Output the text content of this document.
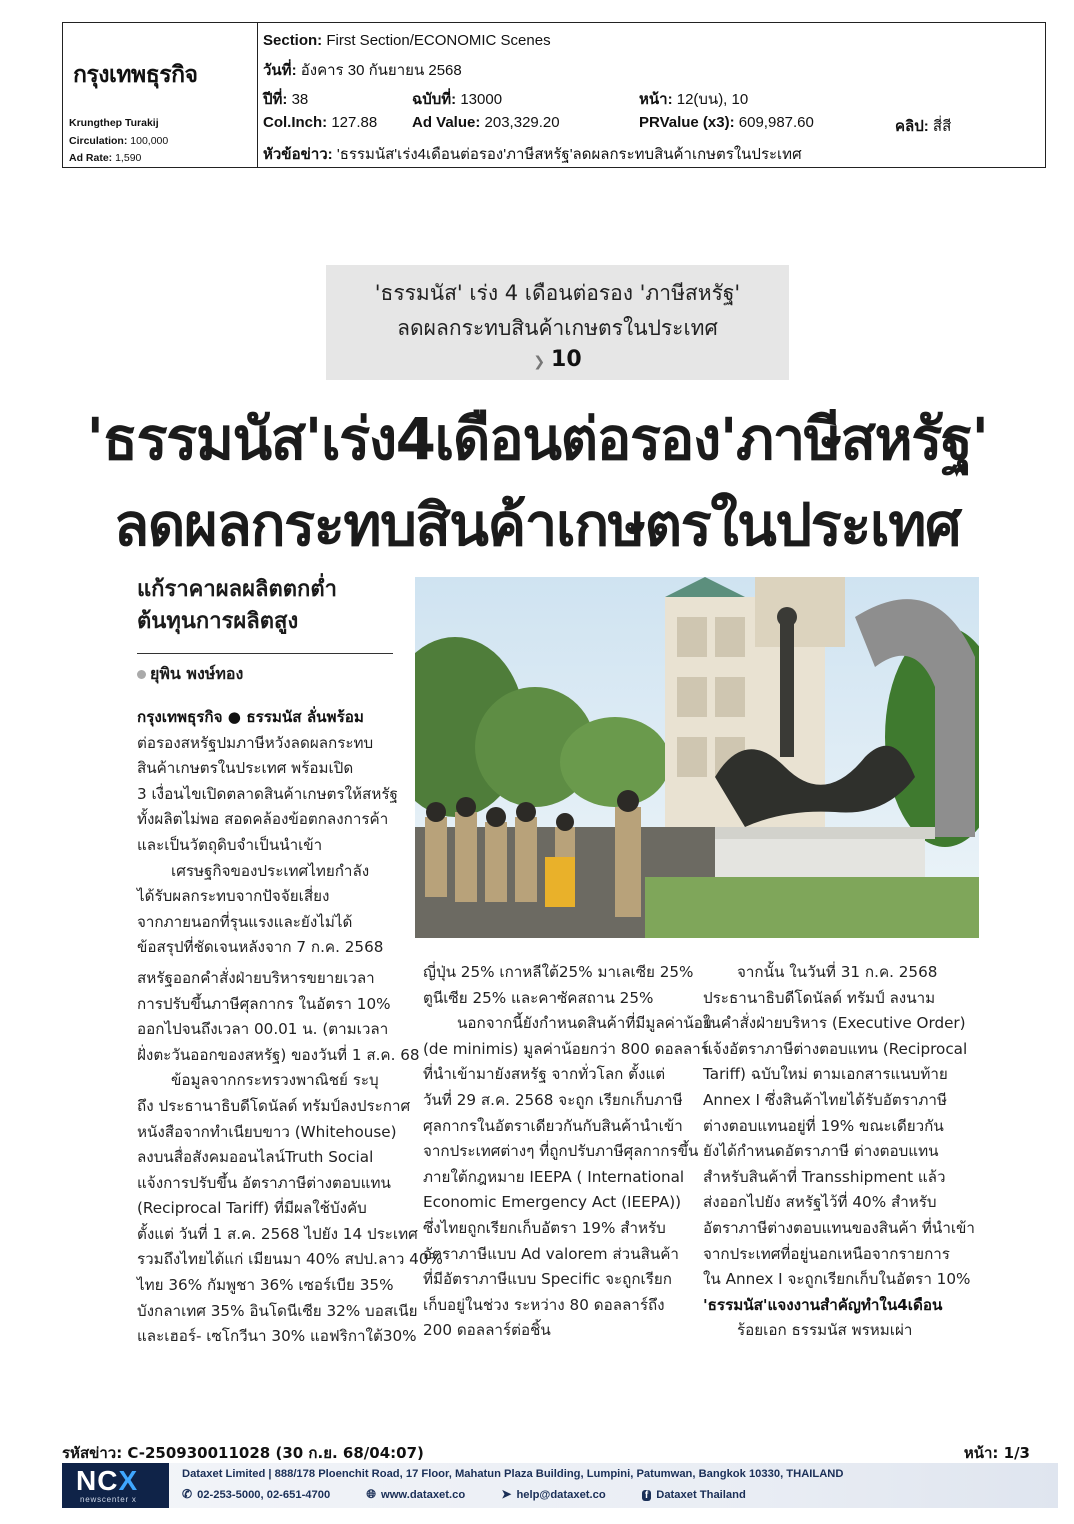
กรุงเทพธุรกิจ
Krungthep Turakij
Circulation: 100,000
Ad Rate: 1,590
Section: First Section/ECONOMIC Scenes
วันที่: อังคาร 30 กันยายน 2568
ปีที่: 38	ฉบับที่: 13000	หน้า: 12(บน), 10
Col.Inch: 127.88 Ad Value: 203,329.20	PRValue (x3): 609,987.60	คลิป: สี่สี
หัวข้อข่าว: 'ธรรมนัส'เร่ง4เดือนต่อรอง'ภาษีสหรัฐ'ลดผลกระทบสินค้าเกษตรในประเทศ
'ธรรมนัส' เร่ง 4 เดือนต่อรอง 'ภาษีสหรัฐ'
ลดผลกระทบสินค้าเกษตรในประเทศ
❯ 10
'ธรรมนัส'เร่ง4เดือนต่อรอง'ภาษีสหรัฐ'
ลดผลกระทบสินค้าเกษตรในประเทศ
แก้ราคาผลผลิตตกต่ำ
ต้นทุนการผลิตสูง
ยุพิน พงษ์ทอง

กรุงเทพธุรกิจ ● ธรรมนัส ลั่นพร้อม

ต่อรองสหรัฐปมภาษีหวังลดผลกระทบ

สินค้าเกษตรในประเทศ พร้อมเปิด

3 เงื่อนไขเปิดตลาดสินค้าเกษตรให้สหรัฐ

ทั้งผลิตไม่พอ สอดคล้องข้อตกลงการค้า

และเป็นวัตถุดิบจำเป็นนำเข้า

เศรษฐกิจของประเทศไทยกำลัง

ได้รับผลกระทบจากปัจจัยเสี่ยง

จากภายนอกที่รุนแรงและยังไม่ได้

ข้อสรุปที่ชัดเจนหลังจาก 7 ก.ค. 2568

สหรัฐออกคำสั่งฝ่ายบริหารขยายเวลา

การปรับขึ้นภาษีศุลกากร ในอัตรา 10%

ออกไปจนถึงเวลา 00.01 น. (ตามเวลา

ฝั่งตะวันออกของสหรัฐ) ของวันที่ 1 ส.ค. 68

ข้อมูลจากกระทรวงพาณิชย์ ระบุ

ถึง ประธานาธิบดีโดนัลด์ ทรัมป์ลงประกาศ

หนังสือจากทำเนียบขาว (Whitehouse)

ลงบนสื่อสังคมออนไลน์Truth Social

แจ้งการปรับขึ้น อัตราภาษีต่างตอบแทน

(Reciprocal Tariff) ที่มีผลใช้บังคับ

ตั้งแต่ วันที่ 1 ส.ค. 2568 ไปยัง 14 ประเทศ

รวมถึงไทยได้แก่ เมียนมา 40% สปป.ลาว 40%

ไทย 36% กัมพูชา 36% เซอร์เบีย 35%

บังกลาเทศ 35% อินโดนีเซีย 32% บอสเนีย

และเฮอร์- เซโกวีนา 30% แอฟริกาใต้30%

ญี่ปุ่น 25% เกาหลีใต้25% มาเลเซีย 25%

ตูนีเซีย 25% และคาซัคสถาน 25%

นอกจากนี้ยังกำหนดสินค้าที่มีมูลค่าน้อย

(de minimis) มูลค่าน้อยกว่า 800 ดอลลาร์

ที่นำเข้ามายังสหรัฐ จากทั่วโลก ตั้งแต่

วันที่ 29 ส.ค. 2568 จะถูก เรียกเก็บภาษี

ศุลกากรในอัตราเดียวกันกับสินค้านำเข้า

จากประเทศต่างๆ ที่ถูกปรับภาษีศุลกากรขึ้น

ภายใต้กฎหมาย IEEPA ( International

Economic Emergency Act (IEEPA))

ซึ่งไทยถูกเรียกเก็บอัตรา 19% สำหรับ

อัตราภาษีแบบ Ad valorem ส่วนสินค้า

ที่มีอัตราภาษีแบบ Specific จะถูกเรียก

เก็บอยู่ในช่วง ระหว่าง 80 ดอลลาร์ถึง

200 ดอลลาร์ต่อชิ้น

จากนั้น ในวันที่ 31 ก.ค. 2568

ประธานาธิบดีโดนัลด์ ทรัมป์ ลงนาม

ในคำสั่งฝ่ายบริหาร (Executive Order)

แจ้งอัตราภาษีต่างตอบแทน (Reciprocal

Tariff) ฉบับใหม่ ตามเอกสารแนบท้าย

Annex I ซึ่งสินค้าไทยได้รับอัตราภาษี

ต่างตอบแทนอยู่ที่ 19% ขณะเดียวกัน

ยังได้กำหนดอัตราภาษี ต่างตอบแทน

สำหรับสินค้าที่ Transshipment แล้ว

ส่งออกไปยัง สหรัฐไว้ที่ 40% สำหรับ

อัตราภาษีต่างตอบแทนของสินค้า ที่นำเข้า

จากประเทศที่อยู่นอกเหนือจากรายการ

ใน Annex I จะถูกเรียกเก็บในอัตรา 10%

'ธรรมนัส'แจงงานสำคัญทำใน4เดือน

ร้อยเอก ธรรมนัส พรหมเผ่า

รหัสข่าว: C-250930011028 (30 ก.ย. 68/04:07)	หน้า: 1/3
NCX
newscenter x
Dataxet Limited | 888/178 Ploenchit Road, 17 Floor, Mahatun Plaza Building, Lumpini, Patumwan, Bangkok 10330, THAILAND
✆ 02-253-5000, 02-651-4700	🌐︎ www.dataxet.co	➤ help@dataxet.co	f Dataxet Thailand
